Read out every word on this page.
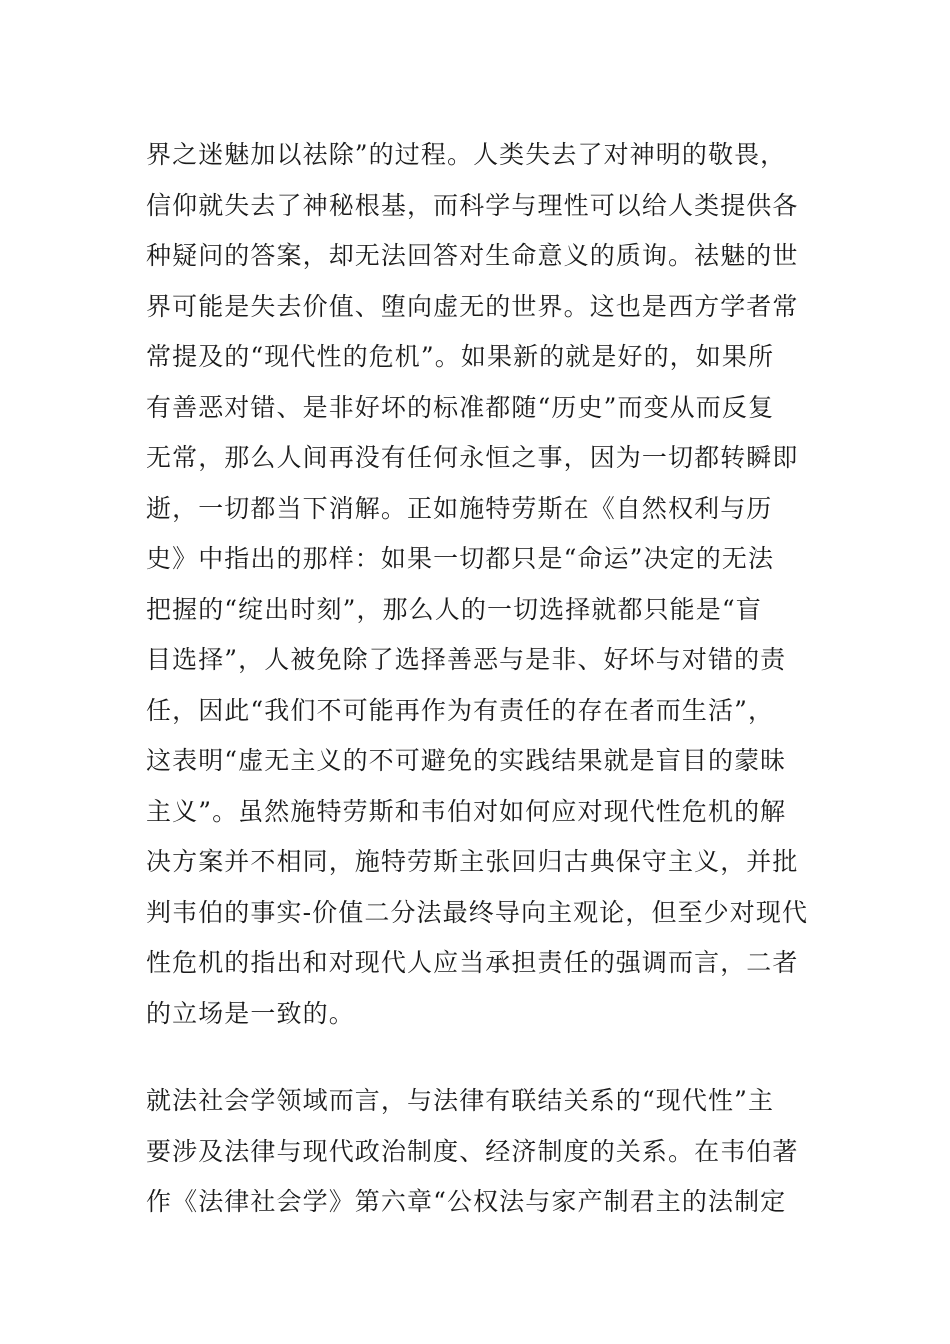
界之迷魅加以祛除”的过程。人类失去了对神明的敬畏，
信仰就失去了神秘根基，而科学与理性可以给人类提供各
种疑问的答案，却无法回答对生命意义的质询。祛魅的世
界可能是失去价值、堕向虚无的世界。这也是西方学者常
常提及的“现代性的危机”。如果新的就是好的，如果所
有善恶对错、是非好坏的标准都随“历史”而变从而反复
无常，那么人间再没有任何永恒之事，因为一切都转瞬即
逝，一切都当下消解。正如施特劳斯在《自然权利与历
史》中指出的那样：如果一切都只是“命运”决定的无法
把握的“绽出时刻”，那么人的一切选择就都只能是“盲
目选择”，人被免除了选择善恶与是非、好坏与对错的责
任，因此“我们不可能再作为有责任的存在者而生活”，
这表明“虚无主义的不可避免的实践结果就是盲目的蒙昧
主义”。虽然施特劳斯和韦伯对如何应对现代性危机的解
决方案并不相同，施特劳斯主张回归古典保守主义，并批
判韦伯的事实-价值二分法最终导向主观论，但至少对现代
性危机的指出和对现代人应当承担责任的强调而言，二者
的立场是一致的。
就法社会学领域而言，与法律有联结关系的“现代性”主
要涉及法律与现代政治制度、经济制度的关系。在韦伯著
作《法律社会学》第六章“公权法与家产制君主的法制定
